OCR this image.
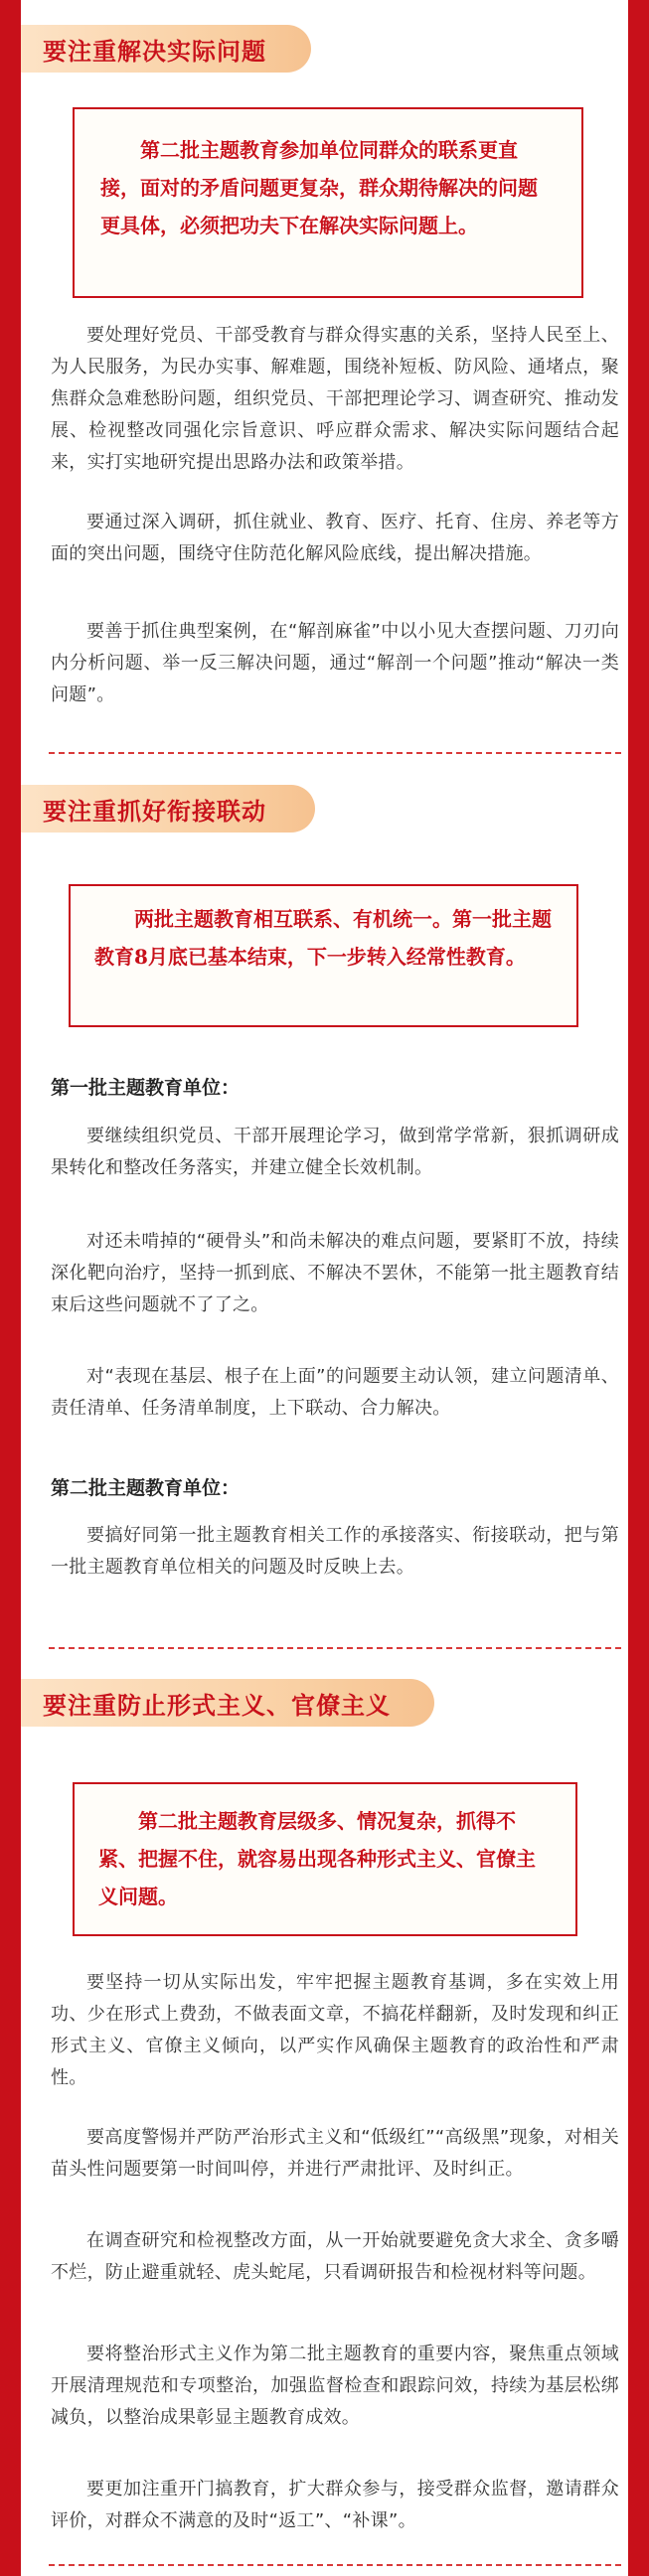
要注重解决实际问题
第二批主题教育参加单位同群众的联系更直接，面对的矛盾问题更复杂，群众期待解决的问题更具体，必须把功夫下在解决实际问题上。
要处理好党员、干部受教育与群众得实惠的关系，坚持人民至上、为人民服务，为民办实事、解难题，围绕补短板、防风险、通堵点，聚焦群众急难愁盼问题，组织党员、干部把理论学习、调查研究、推动发展、检视整改同强化宗旨意识、呼应群众需求、解决实际问题结合起来，实打实地研究提出思路办法和政策举措。
要通过深入调研，抓住就业、教育、医疗、托育、住房、养老等方面的突出问题，围绕守住防范化解风险底线，提出解决措施。
要善于抓住典型案例，在“解剖麻雀”中以小见大查摆问题、刀刃向内分析问题、举一反三解决问题，通过“解剖一个问题”推动“解决一类问题”。
要注重抓好衔接联动
两批主题教育相互联系、有机统一。第一批主题教育8月底已基本结束，下一步转入经常性教育。
第一批主题教育单位：
要继续组织党员、干部开展理论学习，做到常学常新，狠抓调研成果转化和整改任务落实，并建立健全长效机制。
对还未啃掉的“硬骨头”和尚未解决的难点问题，要紧盯不放，持续深化靶向治疗，坚持一抓到底、不解决不罢休，不能第一批主题教育结束后这些问题就不了了之。
对“表现在基层、根子在上面”的问题要主动认领，建立问题清单、责任清单、任务清单制度，上下联动、合力解决。
第二批主题教育单位：
要搞好同第一批主题教育相关工作的承接落实、衔接联动，把与第一批主题教育单位相关的问题及时反映上去。
要注重防止形式主义、官僚主义
第二批主题教育层级多、情况复杂，抓得不紧、把握不住，就容易出现各种形式主义、官僚主义问题。
要坚持一切从实际出发，牢牢把握主题教育基调，多在实效上用功、少在形式上费劲，不做表面文章，不搞花样翻新，及时发现和纠正形式主义、官僚主义倾向，以严实作风确保主题教育的政治性和严肃性。
要高度警惕并严防严治形式主义和“低级红”“高级黑”现象，对相关苗头性问题要第一时间叫停，并进行严肃批评、及时纠正。
在调查研究和检视整改方面，从一开始就要避免贪大求全、贪多嚼不烂，防止避重就轻、虎头蛇尾，只看调研报告和检视材料等问题。
要将整治形式主义作为第二批主题教育的重要内容，聚焦重点领域开展清理规范和专项整治，加强监督检查和跟踪问效，持续为基层松绑减负，以整治成果彰显主题教育成效。
要更加注重开门搞教育，扩大群众参与，接受群众监督，邀请群众评价，对群众不满意的及时“返工”、“补课”。
